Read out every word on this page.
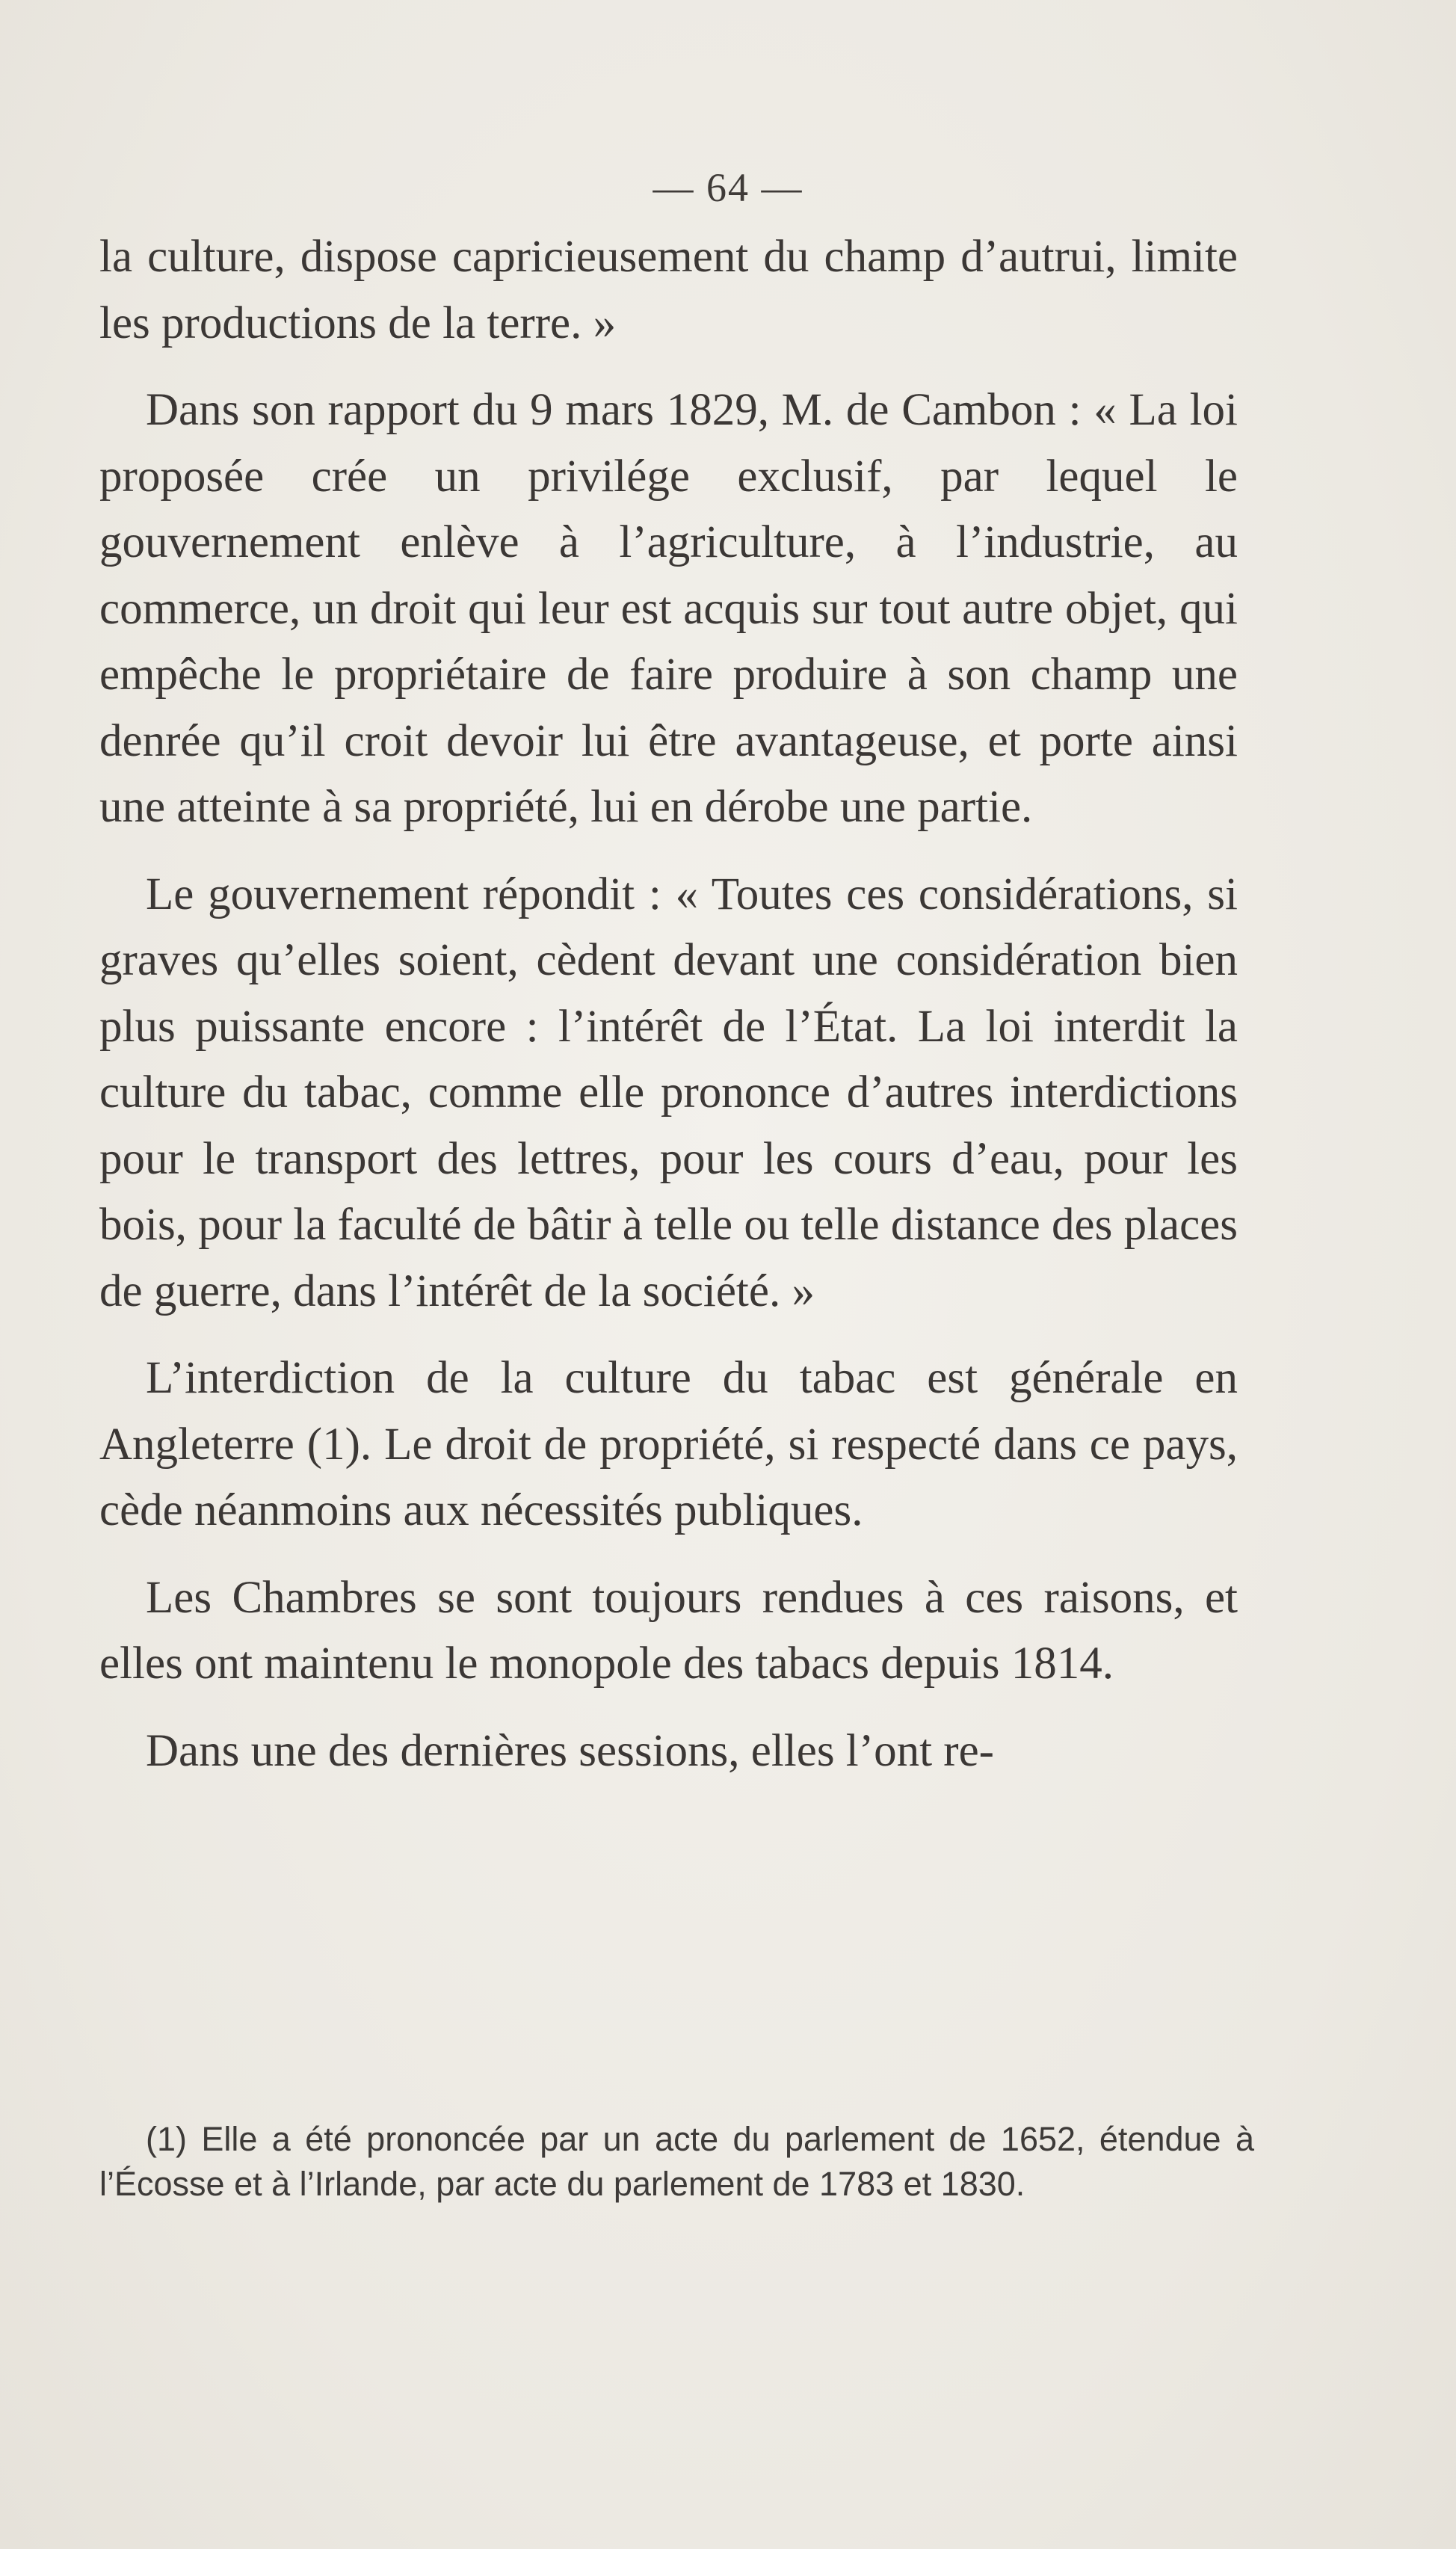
— 64 —

la culture, dispose capricieusement du champ d’autrui, limite les productions de la terre. »

Dans son rapport du 9 mars 1829, M. de Cambon : « La loi proposée crée un privilége exclusif, par lequel le gouvernement enlève à l’agriculture, à l’industrie, au commerce, un droit qui leur est acquis sur tout autre objet, qui empêche le propriétaire de faire produire à son champ une denrée qu’il croit devoir lui être avantageuse, et porte ainsi une atteinte à sa propriété, lui en dérobe une partie.

Le gouvernement répondit : « Toutes ces considérations, si graves qu’elles soient, cèdent devant une considération bien plus puissante encore : l’intérêt de l’État. La loi interdit la culture du tabac, comme elle prononce d’autres interdictions pour le transport des lettres, pour les cours d’eau, pour les bois, pour la faculté de bâtir à telle ou telle distance des places de guerre, dans l’intérêt de la société. »

L’interdiction de la culture du tabac est générale en Angleterre (1). Le droit de propriété, si respecté dans ce pays, cède néanmoins aux nécessités publiques.

Les Chambres se sont toujours rendues à ces raisons, et elles ont maintenu le monopole des tabacs depuis 1814.

Dans une des dernières sessions, elles l’ont re-

(1) Elle a été prononcée par un acte du parlement de 1652, étendue à l’Écosse et à l’Irlande, par acte du parlement de 1783 et 1830.
